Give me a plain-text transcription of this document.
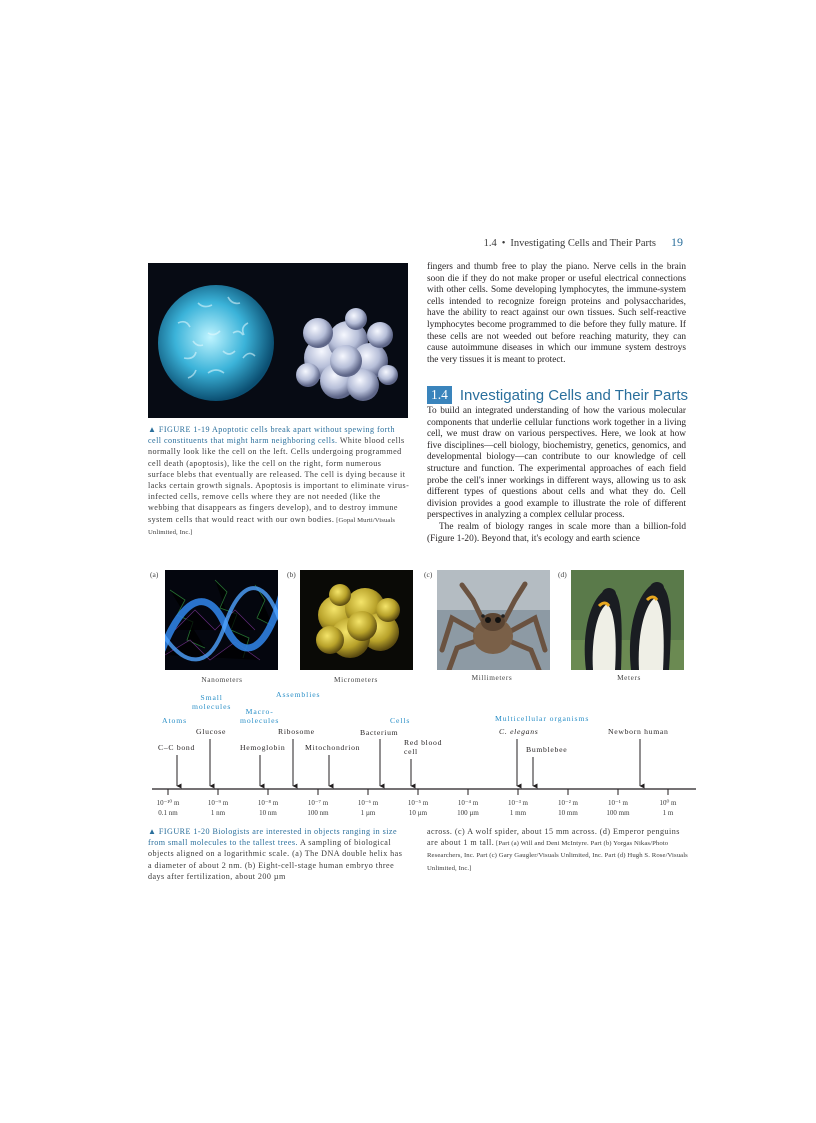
1.4 • Investigating Cells and Their Parts 19
▲ FIGURE 1-19 Apoptotic cells break apart without spewing forth cell constituents that might harm neighboring cells. White blood cells normally look like the cell on the left. Cells undergoing programmed cell death (apoptosis), like the cell on the right, form numerous surface blebs that eventually are released. The cell is dying because it lacks certain growth signals. Apoptosis is important to eliminate virus-infected cells, remove cells where they are not needed (like the webbing that disappears as fingers develop), and to destroy immune system cells that would react with our own bodies. [Gopal Murti/Visuals Unlimited, Inc.]

fingers and thumb free to play the piano. Nerve cells in the brain soon die if they do not make proper or useful electrical connections with other cells. Some developing lymphocytes, the immune-system cells intended to recognize foreign proteins and polysaccharides, have the ability to react against our own tissues. Such self-reactive lymphocytes become programmed to die before they fully mature. If these cells are not weeded out before reaching maturity, they can cause autoimmune diseases in which our immune system destroys the very tissues it is meant to protect.

1.4 Investigating Cells and Their Parts

To build an integrated understanding of how the various molecular components that underlie cellular functions work together in a living cell, we must draw on various perspectives. Here, we look at how five disciplines—cell biology, biochemistry, genetics, genomics, and developmental biology—can contribute to our knowledge of cell structure and function. The experimental approaches of each field probe the cell's inner workings in different ways, allowing us to ask different types of questions about cells and what they do. Cell division provides a good example to illustrate the role of different perspectives in analyzing a complex cellular process.

The realm of biology ranges in scale more than a billion-fold (Figure 1-20). Beyond that, it's ecology and earth science

(a)	(b)	(c)	(d)
Nanometers	Micrometers	Millimeters	Meters
Atoms
Small
molecules
Macro-
molecules
Assemblies
Cells	Multicellular organisms
C–C bond
Glucose
Hemoglobin
Ribosome
Mitochondrion
Bacterium
Red blood
cell
C. elegans
Bumblebee
Newborn human
10⁻¹⁰ m
0.1 nm
10⁻⁹ m
1 nm
10⁻⁸ m
10 nm
10⁻⁷ m
100 nm
10⁻⁶ m
1 µm
10⁻⁵ m
10 µm
10⁻⁴ m
100 µm
10⁻³ m
1 mm
10⁻² m
10 mm
10⁻¹ m
100 mm
10⁰ m
1 m
▲ FIGURE 1-20 Biologists are interested in objects ranging in size from small molecules to the tallest trees. A sampling of biological objects aligned on a logarithmic scale. (a) The DNA double helix has a diameter of about 2 nm. (b) Eight-cell-stage human embryo three days after fertilization, about 200 µm
across. (c) A wolf spider, about 15 mm across. (d) Emperor penguins are about 1 m tall. [Part (a) Will and Deni McIntyre. Part (b) Yorgas Nikas/Photo Researchers, Inc. Part (c) Gary Gaugler/Visuals Unlimited, Inc. Part (d) Hugh S. Rose/Visuals Unlimited, Inc.]
